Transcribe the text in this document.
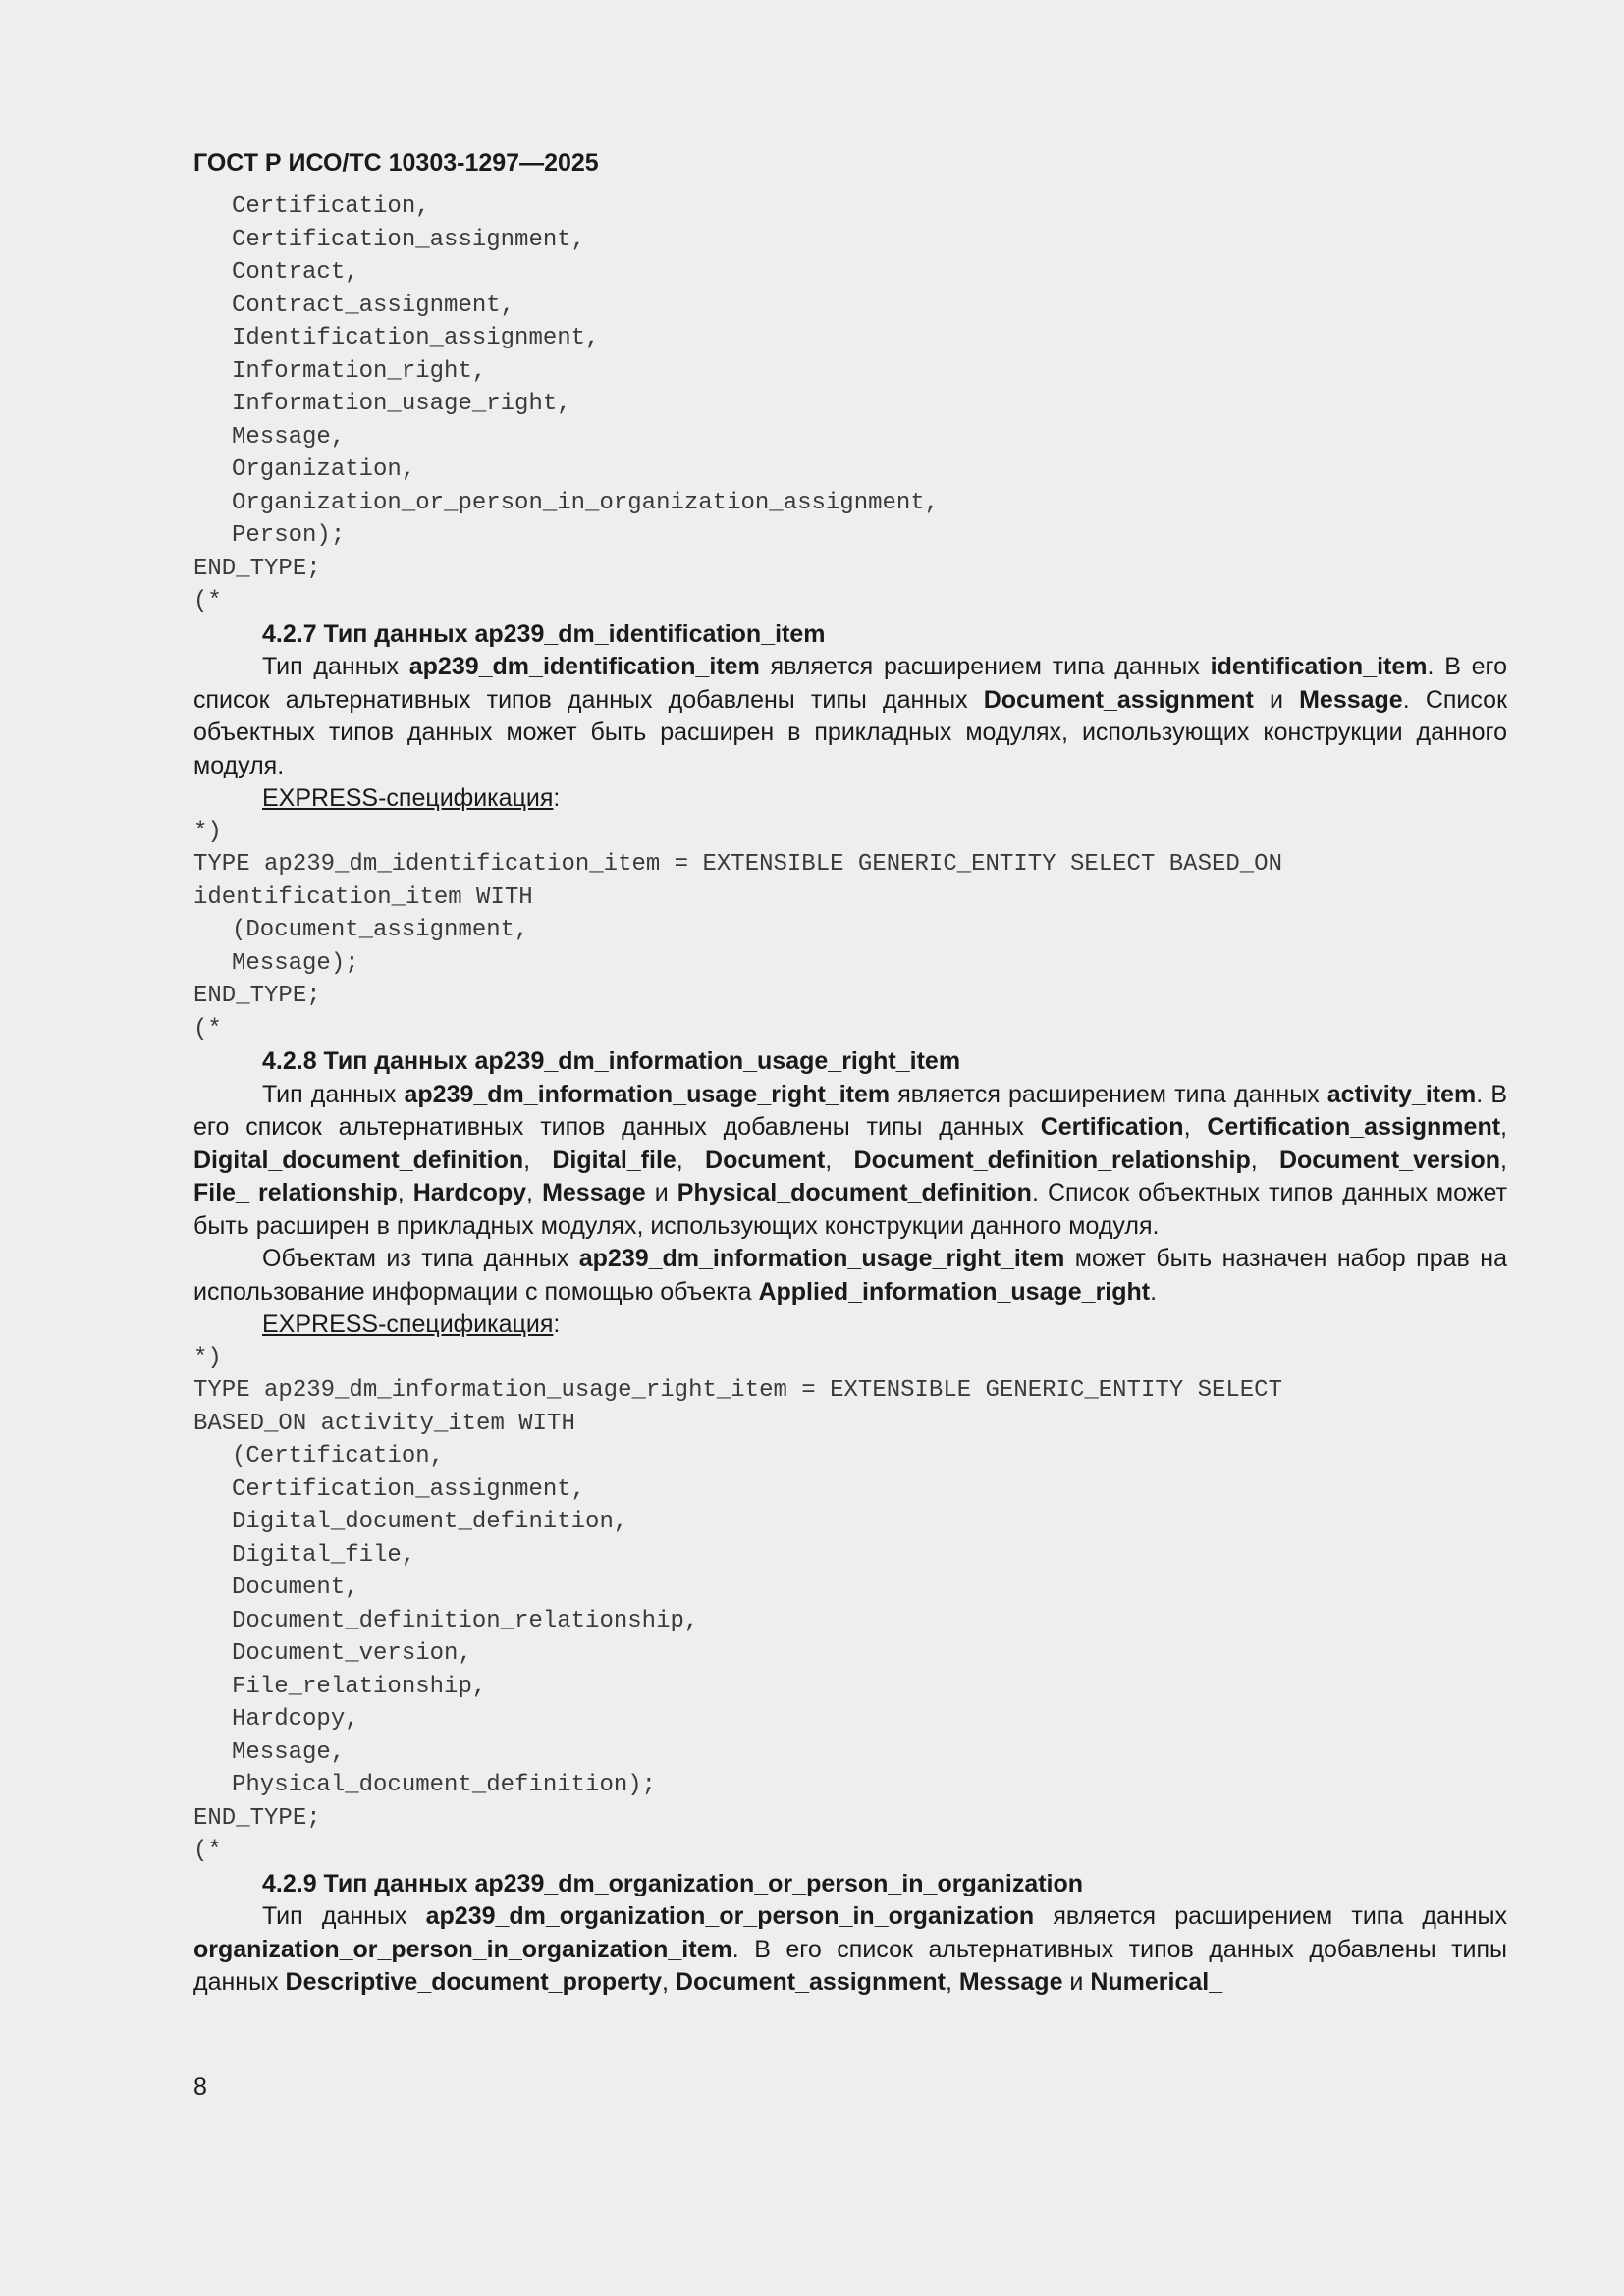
ГОСТ Р ИСО/ТС 10303-1297—2025
Certification,
Certification_assignment,
Contract,
Contract_assignment,
Identification_assignment,
Information_right,
Information_usage_right,
Message,
Organization,
Organization_or_person_in_organization_assignment,
Person);
END_TYPE;
(*
4.2.7 Тип данных ap239_dm_identification_item

Тип данных ap239_dm_identification_item является расширением типа данных identification_item. В его список альтернативных типов данных добавлены типы данных Document_assignment и Message. Список объектных типов данных может быть расширен в прикладных модулях, использующих конструкции данного модуля.

EXPRESS-спецификация:
*)
TYPE ap239_dm_identification_item = EXTENSIBLE GENERIC_ENTITY SELECT BASED_ON
identification_item WITH
(Document_assignment,
Message);
END_TYPE;
(*
4.2.8 Тип данных ap239_dm_information_usage_right_item

Тип данных ap239_dm_information_usage_right_item является расширением типа данных activity_item. В его список альтернативных типов данных добавлены типы данных Certification, Certification_assignment, Digital_document_definition, Digital_file, Document, Document_definition_relationship, Document_version, File_ relationship, Hardcopy, Message и Physical_document_definition. Список объектных типов данных может быть расширен в прикладных модулях, использующих конструкции данного модуля.

Объектам из типа данных ap239_dm_information_usage_right_item может быть назначен набор прав на использование информации с помощью объекта Applied_information_usage_right.

EXPRESS-спецификация:
*)
TYPE ap239_dm_information_usage_right_item = EXTENSIBLE GENERIC_ENTITY SELECT
BASED_ON activity_item WITH
(Certification,
Certification_assignment,
Digital_document_definition,
Digital_file,
Document,
Document_definition_relationship,
Document_version,
File_relationship,
Hardcopy,
Message,
Physical_document_definition);
END_TYPE;
(*
4.2.9 Тип данных ap239_dm_organization_or_person_in_organization

Тип данных ap239_dm_organization_or_person_in_organization является расширением типа данных organization_or_person_in_organization_item. В его список альтернативных типов данных добавлены типы данных Descriptive_document_property, Document_assignment, Message и Numerical_

8
